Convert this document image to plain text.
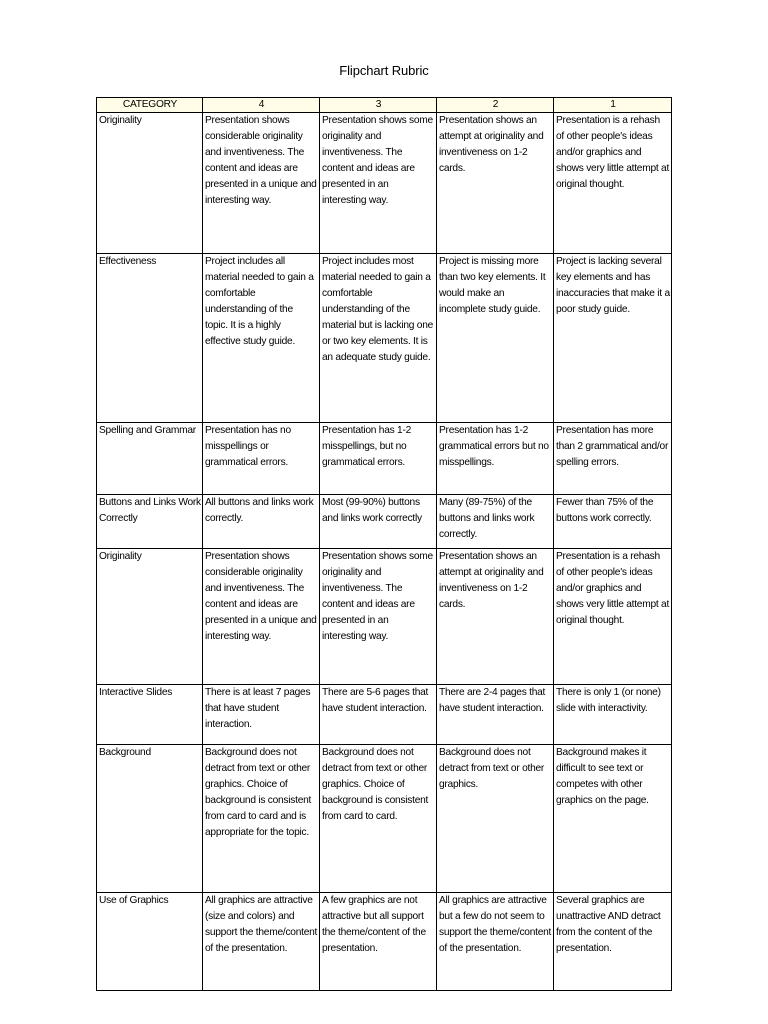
Flipchart Rubric
CATEGORY	4	3	2	1
Originality	Presentation shows considerable originality and inventiveness. The content and ideas are presented in a unique and interesting way.	Presentation shows some originality and inventiveness. The content and ideas are presented in an interesting way.	Presentation shows an attempt at originality and inventiveness on 1-2 cards.	Presentation is a rehash of other people's ideas and/or graphics and shows very little attempt at original thought.
Effectiveness	Project includes all material needed to gain a comfortable understanding of the topic. It is a highly effective study guide.	Project includes most material needed to gain a comfortable understanding of the material but is lacking one or two key elements. It is an adequate study guide.	Project is missing more than two key elements. It would make an incomplete study guide.	Project is lacking several key elements and has inaccuracies that make it a poor study guide.
Spelling and Grammar	Presentation has no misspellings or grammatical errors.	Presentation has 1-2 misspellings, but no grammatical errors.	Presentation has 1-2 grammatical errors but no misspellings.	Presentation has more than 2 grammatical and/or spelling errors.
Buttons and Links Work Correctly	All buttons and links work correctly.	Most (99-90%) buttons and links work correctly	Many (89-75%) of the buttons and links work correctly.	Fewer than 75% of the buttons work correctly.
Originality	Presentation shows considerable originality and inventiveness. The content and ideas are presented in a unique and interesting way.	Presentation shows some originality and inventiveness. The content and ideas are presented in an interesting way.	Presentation shows an attempt at originality and inventiveness on 1-2 cards.	Presentation is a rehash of other people's ideas and/or graphics and shows very little attempt at original thought.
Interactive Slides	There is at least 7 pages that have student interaction.	There are 5-6 pages that have student interaction.	There are 2-4 pages that have student interaction.	There is only 1 (or none) slide with interactivity.
Background	Background does not detract from text or other graphics. Choice of background is consistent from card to card and is appropriate for the topic.	Background does not detract from text or other graphics. Choice of background is consistent from card to card.	Background does not detract from text or other graphics.	Background makes it difficult to see text or competes with other graphics on the page.
Use of Graphics	All graphics are attractive (size and colors) and support the theme/content of the presentation.	A few graphics are not attractive but all support the theme/content of the presentation.	All graphics are attractive but a few do not seem to support the theme/content of the presentation.	Several graphics are unattractive AND detract from the content of the presentation.
